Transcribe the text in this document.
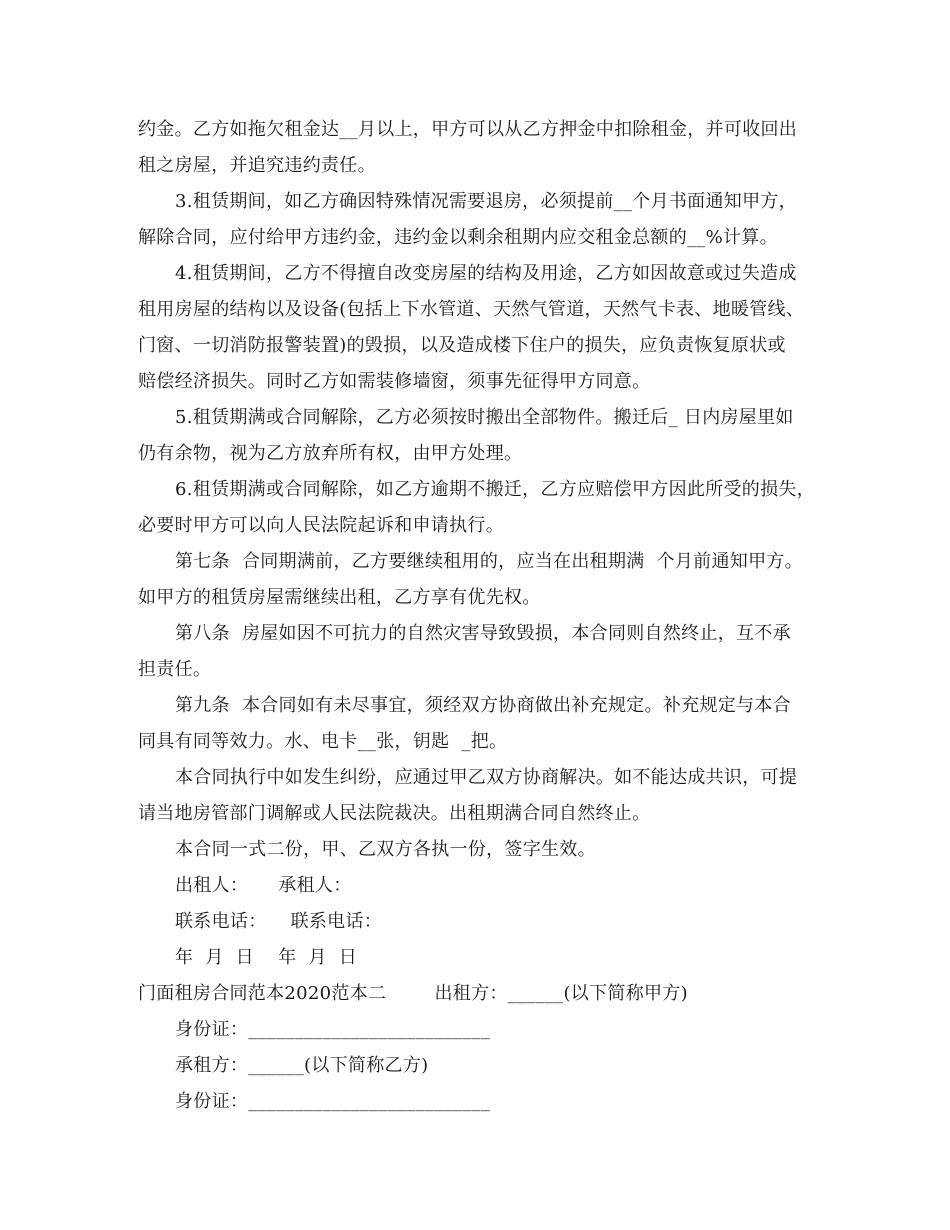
约金。乙方如拖欠租金达__月以上，甲方可以从乙方押金中扣除租金，并可收回出
租之房屋，并追究违约责任。
3.租赁期间，如乙方确因特殊情况需要退房，必须提前__个月书面通知甲方，
解除合同，应付给甲方违约金，违约金以剩余租期内应交租金总额的__%计算。
4.租赁期间，乙方不得擅自改变房屋的结构及用途，乙方如因故意或过失造成
租用房屋的结构以及设备(包括上下水管道、天然气管道，天然气卡表、地暖管线、
门窗、一切消防报警装置)的毁损，以及造成楼下住户的损失，应负责恢复原状或
赔偿经济损失。同时乙方如需装修墙窗，须事先征得甲方同意。
5.租赁期满或合同解除，乙方必须按时搬出全部物件。搬迁后_ 日内房屋里如
仍有余物，视为乙方放弃所有权，由甲方处理。
6.租赁期满或合同解除，如乙方逾期不搬迁，乙方应赔偿甲方因此所受的损失，
必要时甲方可以向人民法院起诉和申请执行。
第七条  合同期满前，乙方要继续租用的，应当在出租期满  个月前通知甲方。
如甲方的租赁房屋需继续出租，乙方享有优先权。
第八条  房屋如因不可抗力的自然灾害导致毁损，本合同则自然终止，互不承
担责任。
第九条  本合同如有未尽事宜，须经双方协商做出补充规定。补充规定与本合
同具有同等效力。水、电卡__张，钥匙  _把。
本合同执行中如发生纠纷，应通过甲乙双方协商解决。如不能达成共识，可提
请当地房管部门调解或人民法院裁决。出租期满合同自然终止。
本合同一式二份，甲、乙双方各执一份，签字生效。
出租人：     承租人：
联系电话：    联系电话：
年  月  日    年  月  日
门面租房合同范本2020范本二        出租方：______(以下简称甲方)
身份证：__________________________
承租方：______(以下简称乙方)
身份证：__________________________
